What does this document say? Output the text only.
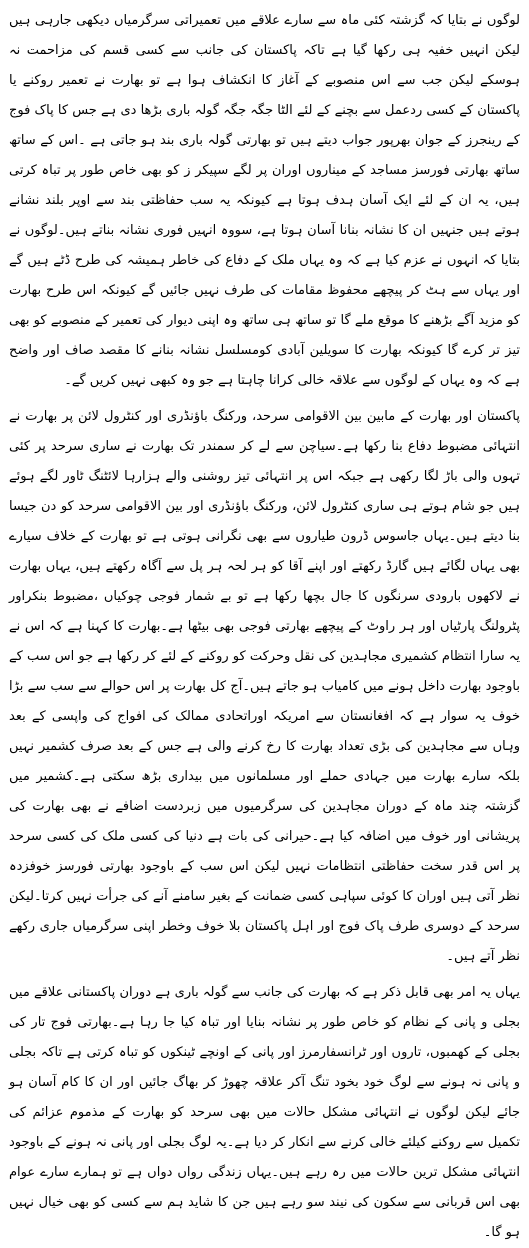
لوگوں نے بتایا کہ گزشتہ کئی ماہ سے سارے علاقے میں تعمیراتی سرگرمیاں دیکھی جارہی ہیں لیکن انہیں خفیہ ہی رکھا گیا ہے تاکہ پاکستان کی جانب سے کسی قسم کی مزاحمت نہ ہوسکے لیکن جب سے اس منصوبے کے آغاز کا انکشاف ہوا ہے تو بھارت نے تعمیر روکنے یا پاکستان کے کسی ردعمل سے بچنے کے لئے الٹا جگہ جگہ گولہ باری بڑھا دی ہے جس کا پاک فوج کے رینجرز کے جوان بھرپور جواب دیتے ہیں تو بھارتی گولہ باری بند ہو جاتی ہے ۔اس کے ساتھ ساتھ بھارتی فورسز مساجد کے میناروں اوران پر لگے سپیکر ز کو بھی خاص طور پر تباہ کرتی ہیں، یہ ان کے لئے ایک آسان ہدف ہوتا ہے کیونکہ یہ سب حفاظتی بند سے اوپر بلند نشانے ہوتے ہیں جنہیں ان کا نشانہ بنانا آسان ہوتا ہے، سووہ انہیں فوری نشانہ بناتے ہیں۔لوگوں نے بتایا کہ انہوں نے عزم کیا ہے کہ وہ یہاں ملک کے دفاع کی خاطر ہمیشہ کی طرح ڈٹے ہیں گے اور یہاں سے ہٹ کر پیچھے محفوظ مقامات کی طرف نہیں جائیں گے کیونکہ اس طرح بھارت کو مزید آگے بڑھنے کا موقع ملے گا تو ساتھ ہی ساتھ وہ اپنی دیوار کی تعمیر کے منصوبے کو بھی تیز تر کرے گا کیونکہ بھارت کا سویلین آبادی کومسلسل نشانہ بنانے کا مقصد صاف اور واضح ہے کہ وہ یہاں کے لوگوں سے علاقہ خالی کرانا چاہتا ہے جو وہ کبھی نہیں کریں گے۔

پاکستان اور بھارت کے مابین بین الاقوامی سرحد، ورکنگ باؤنڈری اور کنٹرول لائن پر بھارت نے انتہائی مضبوط دفاع بنا رکھا ہے۔سیاچن سے لے کر سمندر تک بھارت نے ساری سرحد پر کئی تہوں والی باڑ لگا رکھی ہے جبکہ اس پر انتہائی تیز روشنی والے ہزارہا لائٹنگ ٹاور لگے ہوئے ہیں جو شام ہوتے ہی ساری کنٹرول لائن، ورکنگ باؤنڈری اور بین الاقوامی سرحد کو دن جیسا بنا دیتے ہیں۔یہاں جاسوس ڈرون طیاروں سے بھی نگرانی ہوتی ہے تو بھارت کے خلاف سیارے بھی یہاں لگائے ہیں گارڈ رکھتے اور اپنے آقا کو ہر لحہ ہر پل سے آگاہ رکھتے ہیں، یہاں بھارت نے لاکھوں بارودی سرنگوں کا جال بچھا رکھا ہے تو بے شمار فوجی چوکیاں ،مضبوط بنکراور پٹرولنگ پارٹیاں اور ہر راوٹ کے پیچھے بھارتی فوجی بھی بیٹھا ہے۔بھارت کا کہنا ہے کہ اس نے یہ سارا انتظام کشمیری مجاہدین کی نقل وحرکت کو روکنے کے لئے کر رکھا ہے جو اس سب کے باوجود بھارت داخل ہونے میں کامیاب ہو جاتے ہیں۔آج کل بھارت پر اس حوالے سے سب سے بڑا خوف یہ سوار ہے کہ افغانستان سے امریکہ اوراتحادی ممالک کی افواج کی واپسی کے بعد وہاں سے مجاہدین کی بڑی تعداد بھارت کا رخ کرنے والی ہے جس کے بعد صرف کشمیر نہیں بلکہ سارے بھارت میں جہادی حملے اور مسلمانوں میں بیداری بڑھ سکتی ہے۔کشمیر میں گزشتہ چند ماہ کے دوران مجاہدین کی سرگرمیوں میں زبردست اضافے نے بھی بھارت کی پریشانی اور خوف میں اضافہ کیا ہے۔حیرانی کی بات ہے دنیا کی کسی ملک کی کسی سرحد پر اس قدر سخت حفاظتی انتظامات نہیں لیکن اس سب کے باوجود بھارتی فورسز خوفزدہ نظر آتی ہیں اوران کا کوئی سپاہی کسی ضمانت کے بغیر سامنے آنے کی جرأت نہیں کرتا۔لیکن سرحد کے دوسری طرف پاک فوج اور اہل پاکستان بلا خوف وخطر اپنی سرگرمیاں جاری رکھے نظر آتے ہیں۔

یہاں یہ امر بھی قابل ذکر ہے کہ بھارت کی جانب سے گولہ باری ہے دوران پاکستانی علاقے میں بجلی و پانی کے نظام کو خاص طور پر نشانہ بنایا اور تباہ کیا جا رہا ہے۔بھارتی فوج تار کی بجلی کے کھمبوں، تاروں اور ٹرانسفارمرز اور پانی کے اونچے ٹینکوں کو تباہ کرتی ہے تاکہ بجلی و پانی نہ ہونے سے لوگ خود بخود تنگ آکر علاقہ چھوڑ کر بھاگ جائیں اور ان کا کام آسان ہو جائے لیکن لوگوں نے انتہائی مشکل حالات میں بھی سرحد کو بھارت کے مذموم عزائم کی تکمیل سے روکنے کیلئے خالی کرنے سے انکار کر دیا ہے۔یہ لوگ بجلی اور پانی نہ ہونے کے باوجود انتہائی مشکل ترین حالات میں رہ رہے ہیں۔یہاں زندگی رواں دواں ہے تو ہمارے سارے عوام بھی اس قربانی سے سکون کی نیند سو رہے ہیں جن کا شاید ہم سے کسی کو بھی خیال نہیں ہو گا۔
